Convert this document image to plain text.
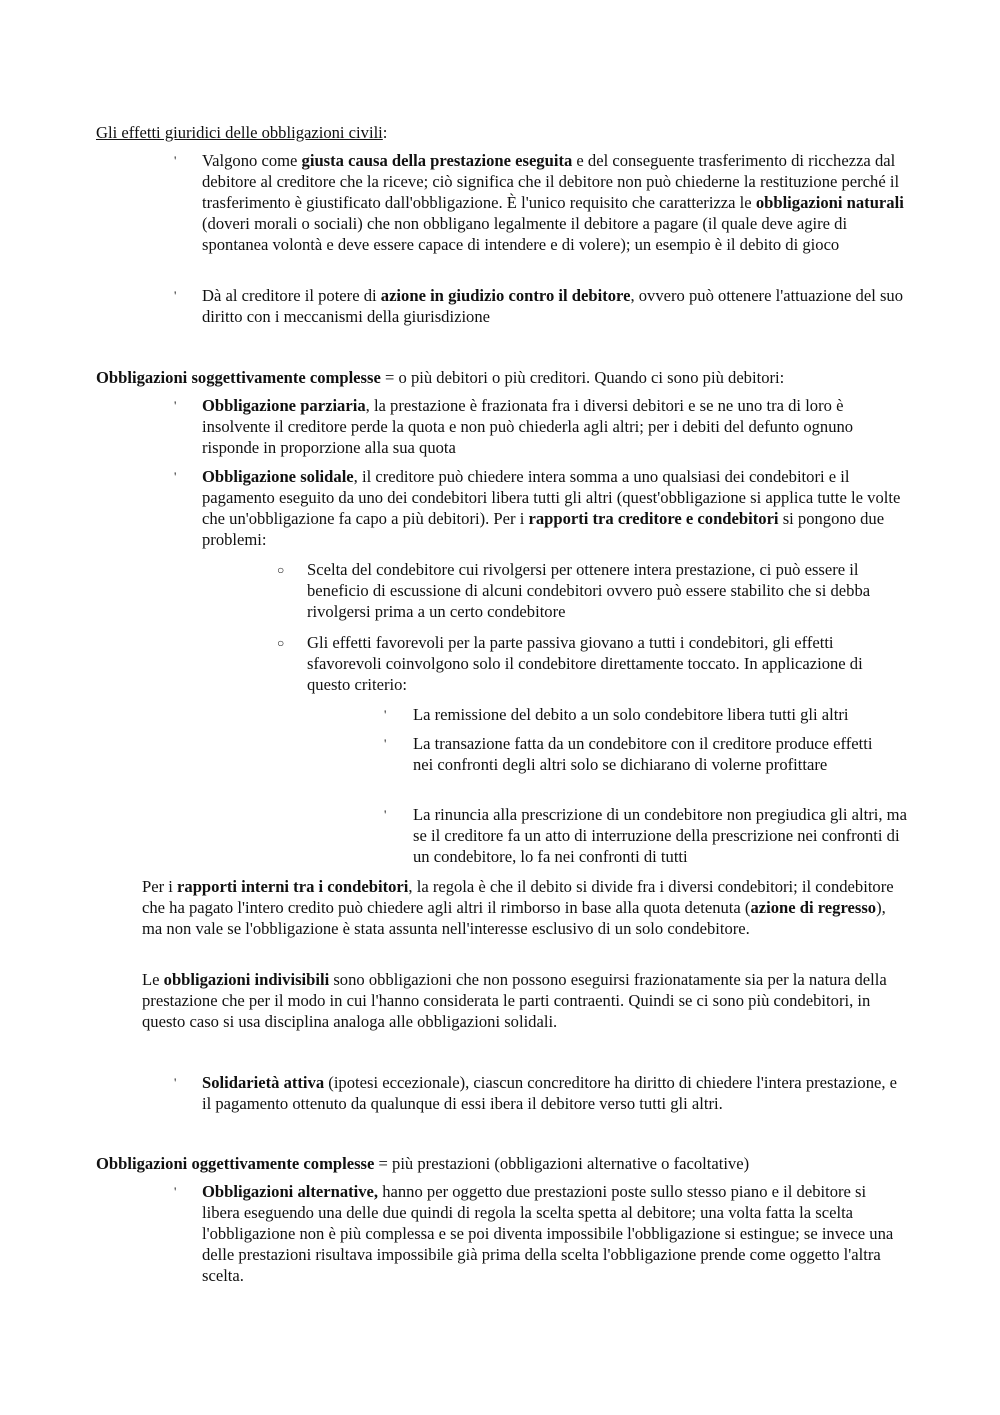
Gli effetti giuridici delle obbligazioni civili:

' Valgono come giusta causa della prestazione eseguita e del conseguente trasferimento di ricchezza dal debitore al creditore che la riceve; ciò significa che il debitore non può chiederne la restituzione perché il trasferimento è giustificato dall'obbligazione. È l'unico requisito che caratterizza le obbligazioni naturali (doveri morali o sociali) che non obbligano legalmente il debitore a pagare (il quale deve agire di spontanea volontà e deve essere capace di intendere e di volere); un esempio è il debito di gioco

' Dà al creditore il potere di azione in giudizio contro il debitore, ovvero può ottenere l'attuazione del suo diritto con i meccanismi della giurisdizione

Obbligazioni soggettivamente complesse = o più debitori o più creditori. Quando ci sono più debitori:

' Obbligazione parziaria, la prestazione è frazionata fra i diversi debitori e se ne uno tra di loro è insolvente il creditore perde la quota e non può chiederla agli altri; per i debiti del defunto ognuno risponde in proporzione alla sua quota

' Obbligazione solidale, il creditore può chiedere intera somma a uno qualsiasi dei condebitori e il pagamento eseguito da uno dei condebitori libera tutti gli altri (quest'obbligazione si applica tutte le volte che un'obbligazione fa capo a più debitori). Per i rapporti tra creditore e condebitori si pongono due problemi:

○ Scelta del condebitore cui rivolgersi per ottenere intera prestazione, ci può essere il beneficio di escussione di alcuni condebitori ovvero può essere stabilito che si debba rivolgersi prima a un certo condebitore

○ Gli effetti favorevoli per la parte passiva giovano a tutti i condebitori, gli effetti sfavorevoli coinvolgono solo il condebitore direttamente toccato. In applicazione di questo criterio:

' La remissione del debito a un solo condebitore libera tutti gli altri

' La transazione fatta da un condebitore con il creditore produce effetti nei confronti degli altri solo se dichiarano di volerne profittare

' La rinuncia alla prescrizione di un condebitore non pregiudica gli altri, ma se il creditore fa un atto di interruzione della prescrizione nei confronti di un condebitore, lo fa nei confronti di tutti

Per i rapporti interni tra i condebitori, la regola è che il debito si divide fra i diversi condebitori; il condebitore che ha pagato l'intero credito può chiedere agli altri il rimborso in base alla quota detenuta (azione di regresso), ma non vale se l'obbligazione è stata assunta nell'interesse esclusivo di un solo condebitore.

Le obbligazioni indivisibili sono obbligazioni che non possono eseguirsi frazionatamente sia per la natura della prestazione che per il modo in cui l'hanno considerata le parti contraenti. Quindi se ci sono più condebitori, in questo caso si usa disciplina analoga alle obbligazioni solidali.

' Solidarietà attiva (ipotesi eccezionale), ciascun concreditore ha diritto di chiedere l'intera prestazione, e il pagamento ottenuto da qualunque di essi ibera il debitore verso tutti gli altri.

Obbligazioni oggettivamente complesse = più prestazioni (obbligazioni alternative o facoltative)

' Obbligazioni alternative, hanno per oggetto due prestazioni poste sullo stesso piano e il debitore si libera eseguendo una delle due quindi di regola la scelta spetta al debitore; una volta fatta la scelta l'obbligazione non è più complessa e se poi diventa impossibile l'obbligazione si estingue; se invece una delle prestazioni risultava impossibile già prima della scelta l'obbligazione prende come oggetto l'altra scelta.
